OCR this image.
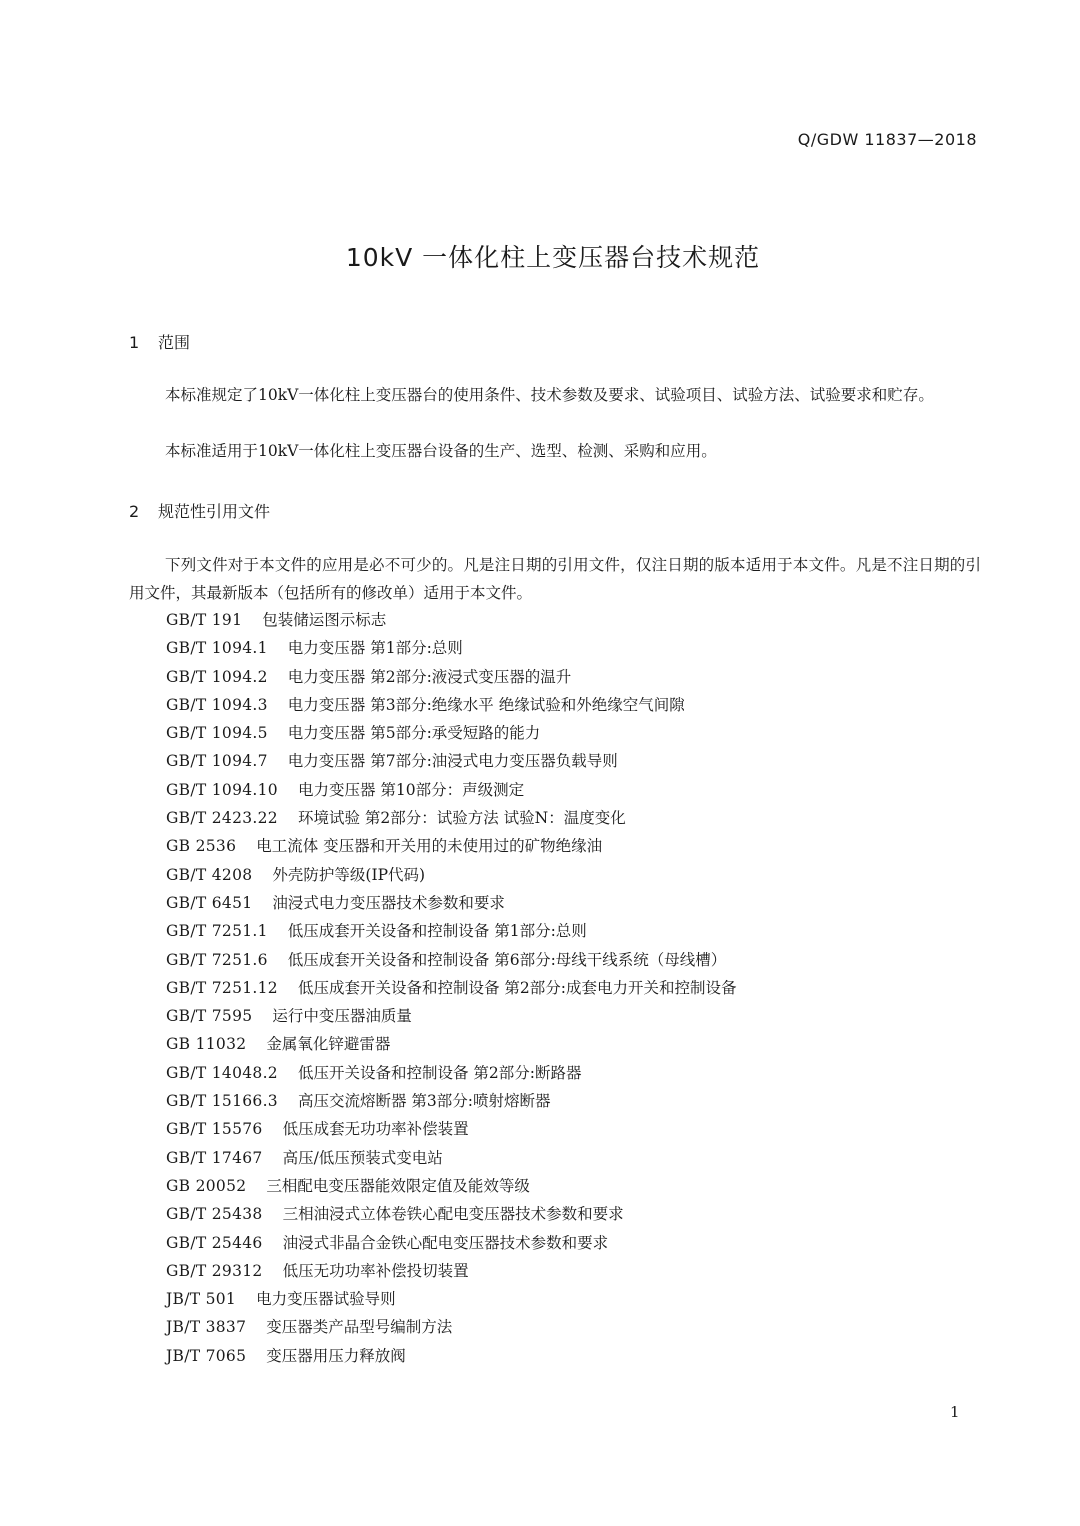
Q/GDW 11837—2018
10kV 一体化柱上变压器台技术规范
1 范围

本标准规定了10kV一体化柱上变压器台的使用条件、技术参数及要求、试验项目、试验方法、试验要求和贮存。

本标准适用于10kV一体化柱上变压器台设备的生产、选型、检测、采购和应用。

2 规范性引用文件

下列文件对于本文件的应用是必不可少的。凡是注日期的引用文件，仅注日期的版本适用于本文件。凡是不注日期的引用文件，其最新版本（包括所有的修改单）适用于本文件。

GB/T 191 包装储运图示标志
GB/T 1094.1 电力变压器 第1部分:总则
GB/T 1094.2 电力变压器 第2部分:液浸式变压器的温升
GB/T 1094.3 电力变压器 第3部分:绝缘水平 绝缘试验和外绝缘空气间隙
GB/T 1094.5 电力变压器 第5部分:承受短路的能力
GB/T 1094.7 电力变压器 第7部分:油浸式电力变压器负载导则
GB/T 1094.10 电力变压器 第10部分：声级测定
GB/T 2423.22 环境试验 第2部分：试验方法 试验N：温度变化
GB 2536 电工流体 变压器和开关用的未使用过的矿物绝缘油
GB/T 4208 外壳防护等级(IP代码)
GB/T 6451 油浸式电力变压器技术参数和要求
GB/T 7251.1 低压成套开关设备和控制设备 第1部分:总则
GB/T 7251.6 低压成套开关设备和控制设备 第6部分:母线干线系统（母线槽）
GB/T 7251.12 低压成套开关设备和控制设备 第2部分:成套电力开关和控制设备
GB/T 7595 运行中变压器油质量
GB 11032 金属氧化锌避雷器
GB/T 14048.2 低压开关设备和控制设备 第2部分:断路器
GB/T 15166.3 高压交流熔断器 第3部分:喷射熔断器
GB/T 15576 低压成套无功功率补偿装置
GB/T 17467 高压/低压预装式变电站
GB 20052 三相配电变压器能效限定值及能效等级
GB/T 25438 三相油浸式立体卷铁心配电变压器技术参数和要求
GB/T 25446 油浸式非晶合金铁心配电变压器技术参数和要求
GB/T 29312 低压无功功率补偿投切装置
JB/T 501 电力变压器试验导则
JB/T 3837 变压器类产品型号编制方法
JB/T 7065 变压器用压力释放阀
1
